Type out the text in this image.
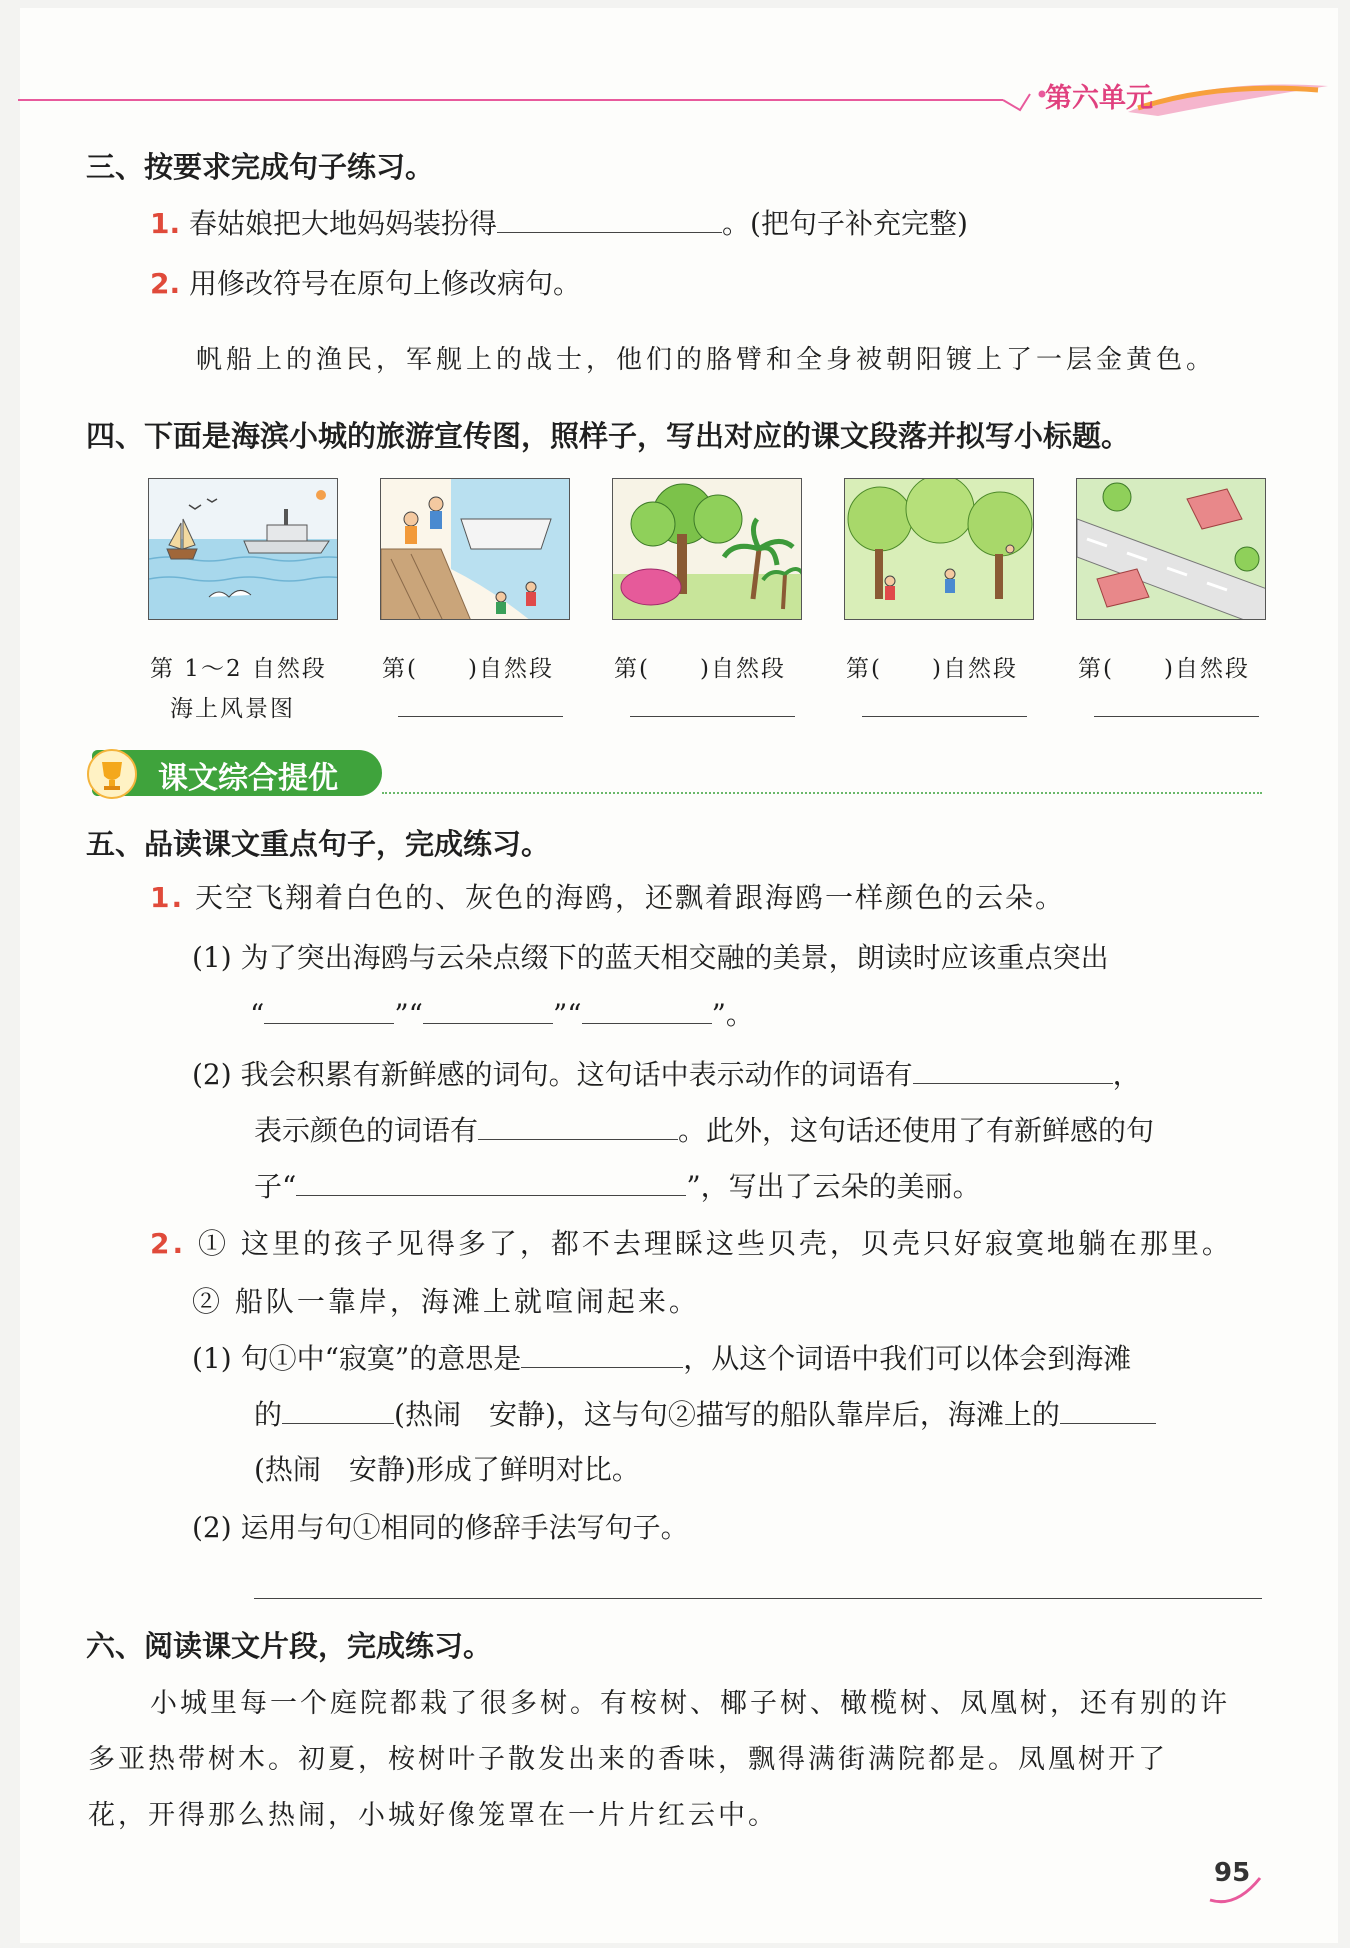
第六单元
三、按要求完成句子练习。
1. 春姑娘把大地妈妈装扮得	。(把句子补充完整)
2. 用修改符号在原句上修改病句。
帆船上的渔民，军舰上的战士，他们的胳臂和全身被朝阳镀上了一层金黄色。
四、下面是海滨小城的旅游宣传图，照样子，写出对应的课文段落并拟写小标题。
第 1～2 自然段
海上风景图
第(　　)自然段	第(　　)自然段	第(　　)自然段	第(　　)自然段
课文综合提优
五、品读课文重点句子，完成练习。
1. 天空飞翔着白色的、灰色的海鸥，还飘着跟海鸥一样颜色的云朵。
(1) 为了突出海鸥与云朵点缀下的蓝天相交融的美景，朗读时应该重点突出
“	”“	”“	”。
(2) 我会积累有新鲜感的词句。这句话中表示动作的词语有	，
表示颜色的词语有	。此外，这句话还使用了有新鲜感的句
子“	”，写出了云朵的美丽。
2. ① 这里的孩子见得多了，都不去理睬这些贝壳，贝壳只好寂寞地躺在那里。
② 船队一靠岸，海滩上就喧闹起来。
(1) 句①中“寂寞”的意思是	，从这个词语中我们可以体会到海滩
的	(热闹　安静)，这与句②描写的船队靠岸后，海滩上的
(热闹　安静)形成了鲜明对比。
(2) 运用与句①相同的修辞手法写句子。
六、阅读课文片段，完成练习。
小城里每一个庭院都栽了很多树。有桉树、椰子树、橄榄树、凤凰树，还有别的许
多亚热带树木。初夏，桉树叶子散发出来的香味，飘得满街满院都是。凤凰树开了
花，开得那么热闹，小城好像笼罩在一片片红云中。
95
